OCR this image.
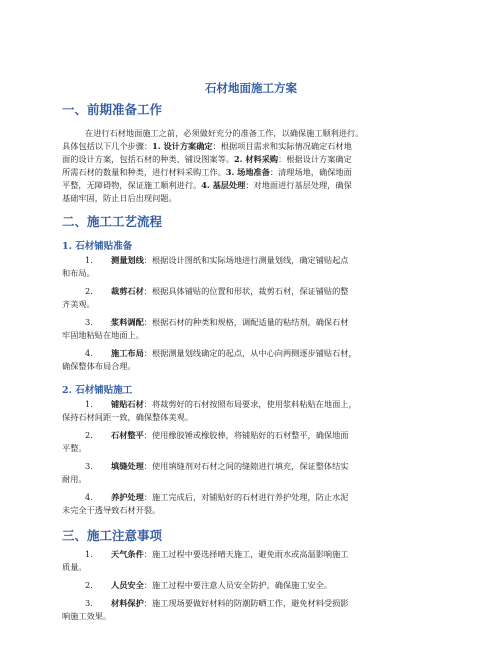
石材地面施工方案
一、前期准备工作
在进行石材地面施工之前，必须做好充分的准备工作，以确保施工顺利进行。
具体包括以下几个步骤：1. 设计方案确定：根据项目需求和实际情况确定石材地
面的设计方案，包括石材的种类、铺设图案等。2. 材料采购：根据设计方案确定
所需石材的数量和种类，进行材料采购工作。3. 场地准备：清理场地，确保地面
平整，无障碍物，保证施工顺利进行。4. 基层处理：对地面进行基层处理，确保
基础牢固，防止日后出现问题。
二、施工工艺流程
1. 石材铺贴准备
1. 测量划线：根据设计图纸和实际场地进行测量划线，确定铺贴起点
和布局。
2. 裁剪石材：根据具体铺贴的位置和形状，裁剪石材，保证铺贴的整
齐美观。
3. 浆料调配：根据石材的种类和规格，调配适量的粘结剂，确保石材
牢固地粘贴在地面上。
4. 施工布局：根据测量划线确定的起点，从中心向两侧逐步铺贴石材，
确保整体布局合理。
2. 石材铺贴施工
1. 铺贴石材：将裁剪好的石材按照布局要求，使用浆料粘贴在地面上，
保持石材间距一致，确保整体美观。
2. 石材整平：使用橡胶锤或橡胶棒，将铺贴好的石材整平，确保地面
平整。
3. 填缝处理：使用填缝剂对石材之间的缝隙进行填充，保证整体结实
耐用。
4. 养护处理：施工完成后，对铺贴好的石材进行养护处理，防止水泥
未完全干透导致石材开裂。
三、施工注意事项
1. 天气条件：施工过程中要选择晴天施工，避免雨水或高温影响施工
质量。
2. 人员安全：施工过程中要注意人员安全防护，确保施工安全。
3. 材料保护：施工现场要做好材料的防潮防晒工作，避免材料受损影
响施工效果。
